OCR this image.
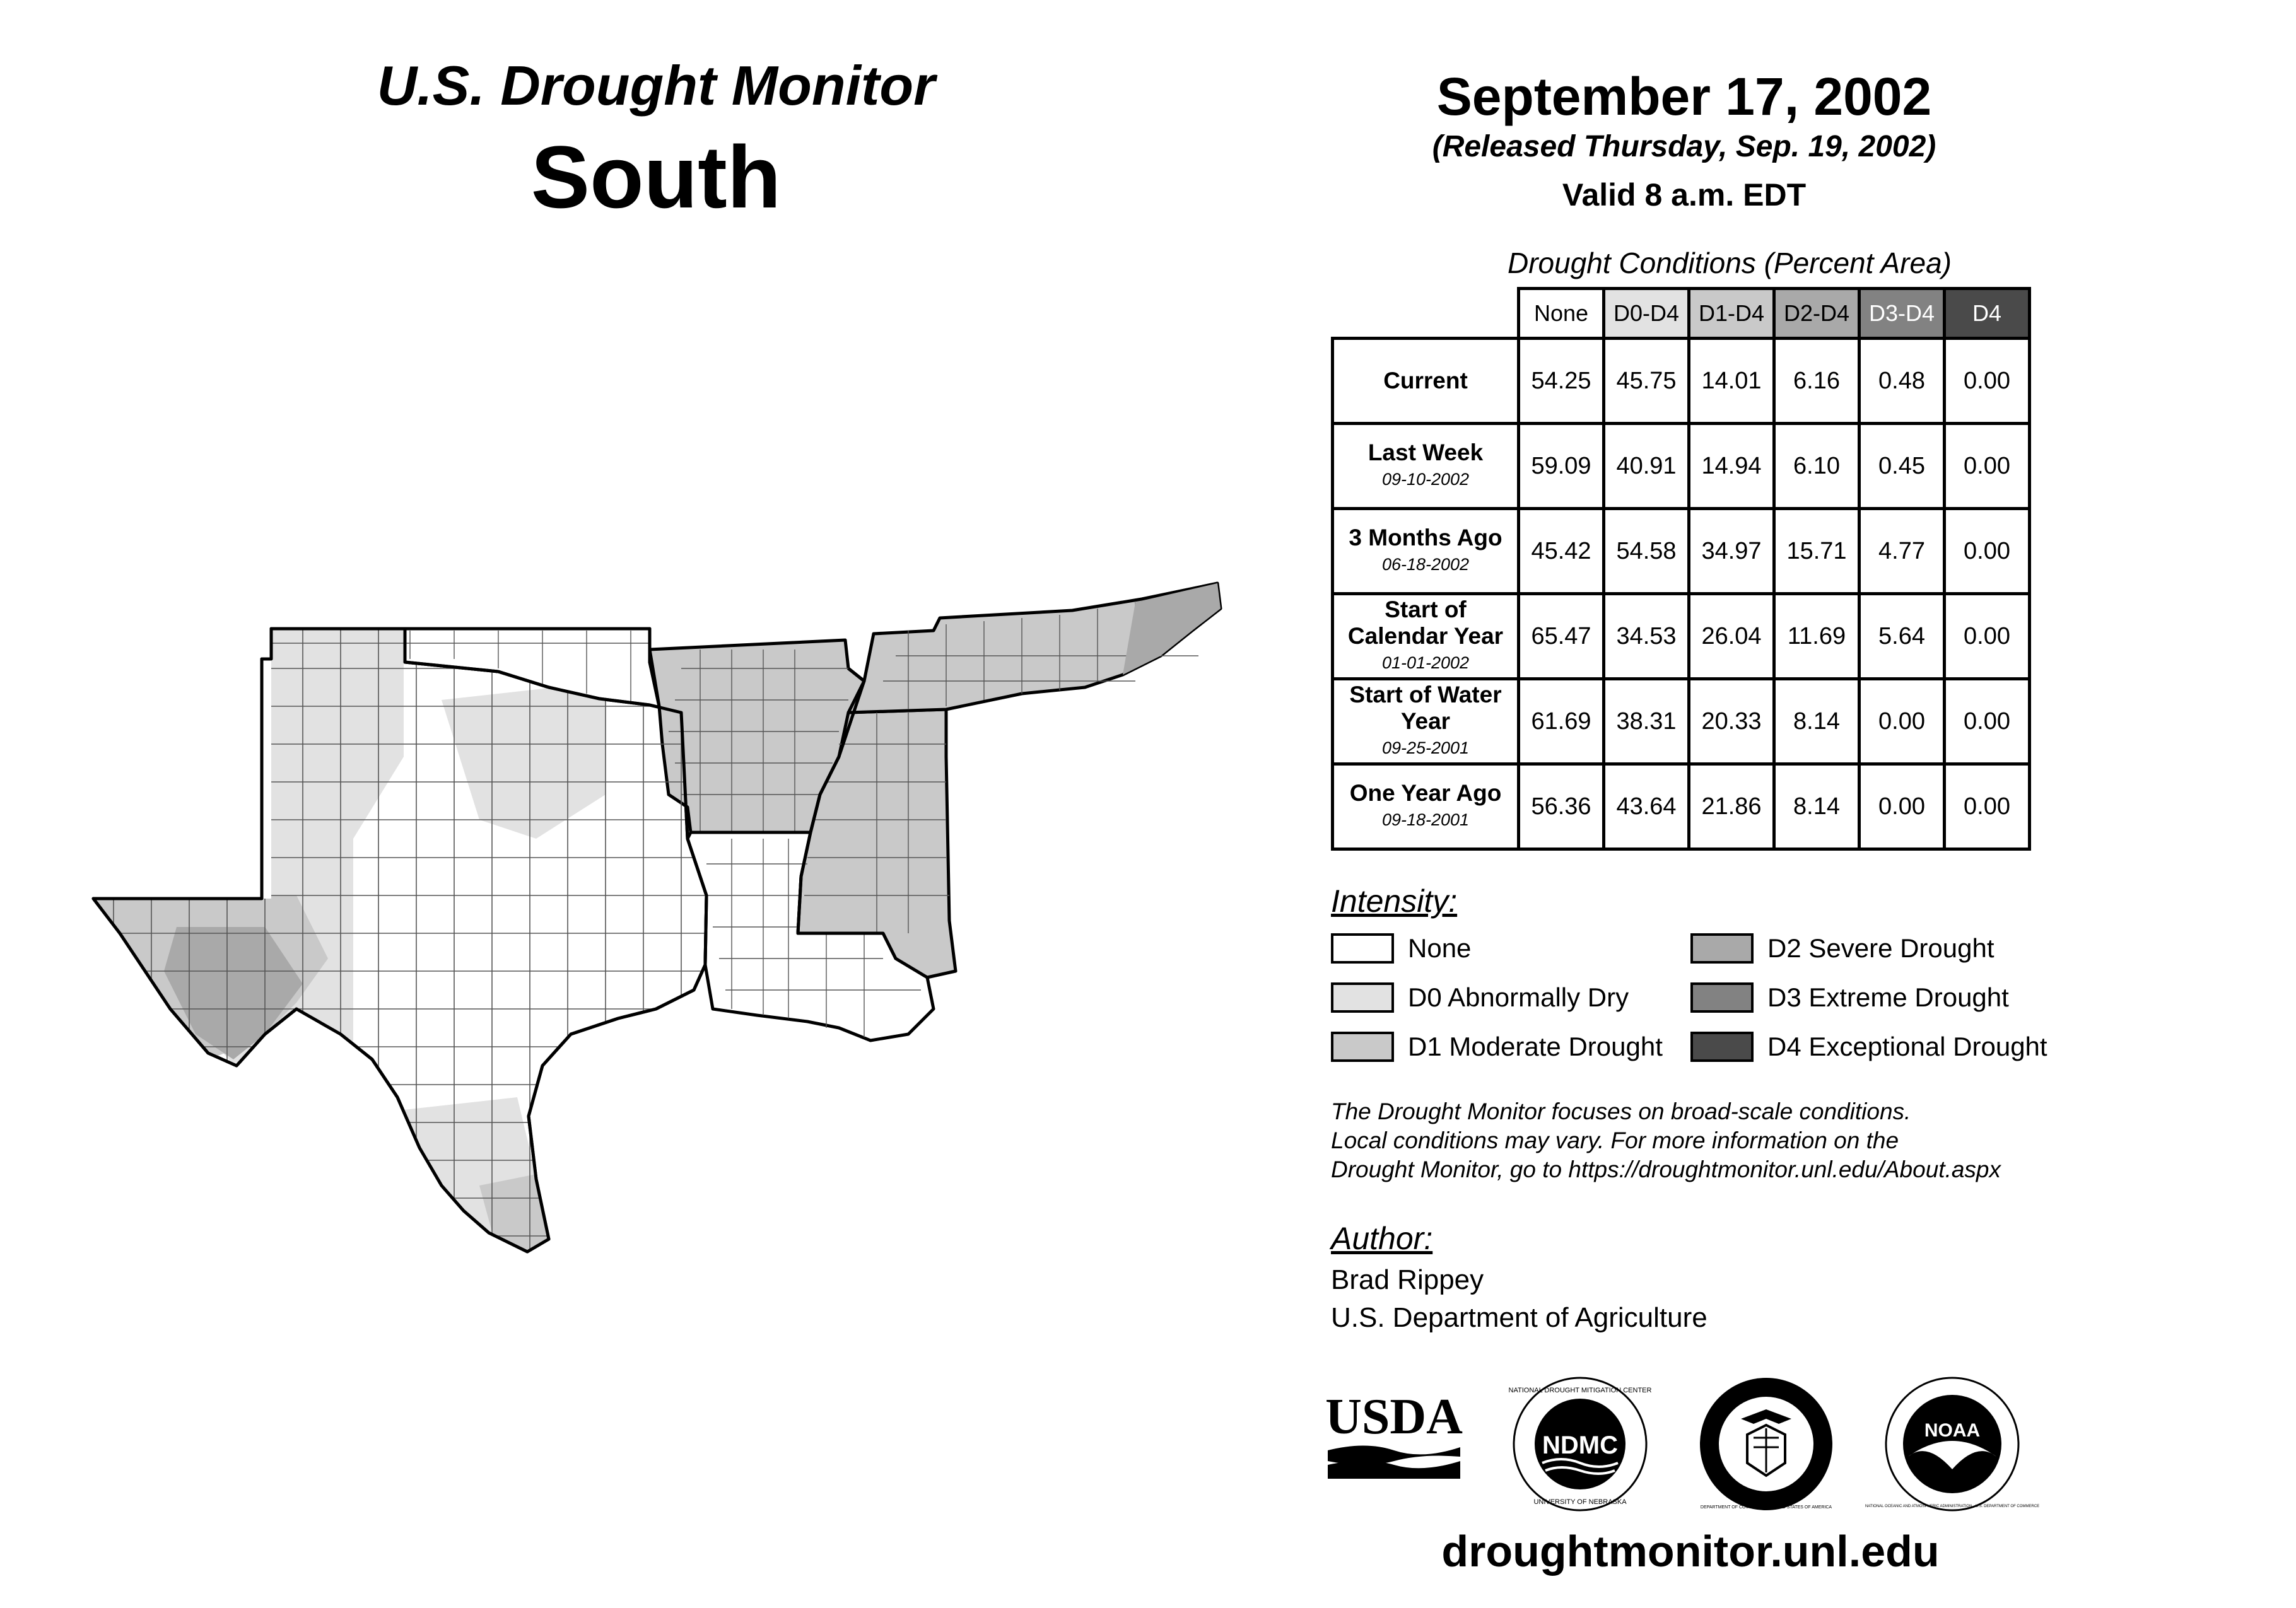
U.S. Drought Monitor
South
September 17, 2002
(Released Thursday, Sep. 19, 2002)
Valid 8 a.m. EDT
Drought Conditions (Percent Area)
	None	D0-D4	D1-D4	D2-D4	D3-D4	D4
Current	54.25	45.75	14.01	6.16	0.48	0.00
Last Week
09-10-2002	59.09	40.91	14.94	6.10	0.45	0.00
3 Months Ago
06-18-2002	45.42	54.58	34.97	15.71	4.77	0.00
Start of Calendar Year
01-01-2002	65.47	34.53	26.04	11.69	5.64	0.00
Start of Water Year
09-25-2001	61.69	38.31	20.33	8.14	0.00	0.00
One Year Ago
09-18-2001	56.36	43.64	21.86	8.14	0.00	0.00
Intensity:
None
D0 Abnormally Dry
D1 Moderate Drought
D2 Severe Drought
D3 Extreme Drought
D4 Exceptional Drought
The Drought Monitor focuses on broad-scale conditions.
Local conditions may vary. For more information on the
Drought Monitor, go to https://droughtmonitor.unl.edu/About.aspx
Author:
Brad Rippey
U.S. Department of Agriculture
USDA
NDMC
NATIONAL DROUGHT MITIGATION CENTER
UNIVERSITY OF NEBRASKA
DEPARTMENT OF COMMERCE · UNITED STATES OF AMERICA
NOAA
NATIONAL OCEANIC AND ATMOSPHERIC ADMINISTRATION · U.S. DEPARTMENT OF COMMERCE
droughtmonitor.unl.edu
